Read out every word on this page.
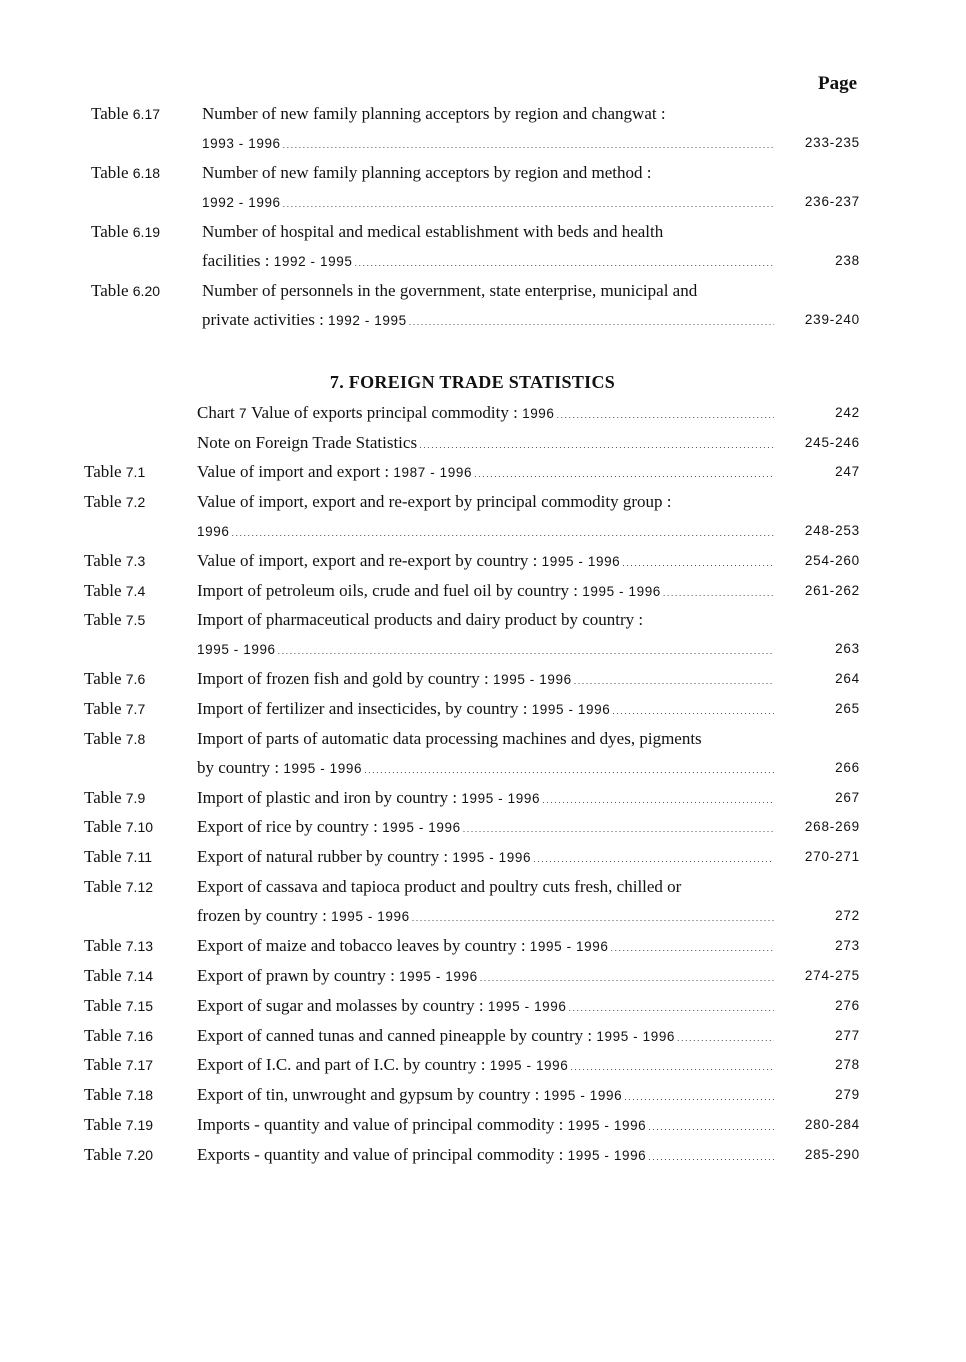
Page
7. FOREIGN TRADE STATISTICS
Table 6.17 Number of new family planning acceptors by region and changwat :
1993 - 1996 .....	233-235
Table 6.18 Number of new family planning acceptors by region and method :
1992 - 1996 .....	236-237
Table 6.19 Number of hospital and medical establishment with beds and health
facilities : 1992 - 1995 .....	238
Table 6.20 Number of personnels in the government, state enterprise, municipal and
private activities : 1992 - 1995 .....	239-240
Chart 7 Value of exports principal commodity : 1996 .....	242
Note on Foreign Trade Statistics .....	245-246
Table 7.1	Value of import and export : 1987 - 1996 .....	247
Table 7.2	Value of import, export and re-export by principal commodity group :
1996 .....	248-253
Table 7.3	Value of import, export and re-export by country : 1995 - 1996 .....	254-260
Table 7.4	Import of petroleum oils, crude and fuel oil by country : 1995 - 1996 .....	261-262
Table 7.5	Import of pharmaceutical products and dairy product by country :
1995 - 1996 .....	263
Table 7.6	Import of frozen fish and gold by country : 1995 - 1996 .....	264
Table 7.7	Import of fertilizer and insecticides, by country : 1995 - 1996 .....	265
Table 7.8	Import of parts of automatic data processing machines and dyes, pigments
by country : 1995 - 1996 .....	266
Table 7.9	Import of plastic and iron by country : 1995 - 1996 .....	267
Table 7.10	Export of rice by country : 1995 - 1996 .....	268-269
Table 7.11	Export of natural rubber by country : 1995 - 1996 .....	270-271
Table 7.12	Export of cassava and tapioca product and poultry cuts fresh, chilled or
frozen by country : 1995 - 1996 .....	272
Table 7.13	Export of maize and tobacco leaves by country : 1995 - 1996 .....	273
Table 7.14	Export of prawn by country : 1995 - 1996 .....	274-275
Table 7.15	Export of sugar and molasses by country : 1995 - 1996 .....	276
Table 7.16	Export of canned tunas and canned pineapple by country : 1995 - 1996 .....	277
Table 7.17	Export of I.C. and part of I.C. by country : 1995 - 1996 .....	278
Table 7.18	Export of tin, unwrought and gypsum by country : 1995 - 1996 .....	279
Table 7.19	Imports - quantity and value of principal commodity : 1995 - 1996 .....	280-284
Table 7.20	Exports - quantity and value of principal commodity : 1995 - 1996 .....	285-290
